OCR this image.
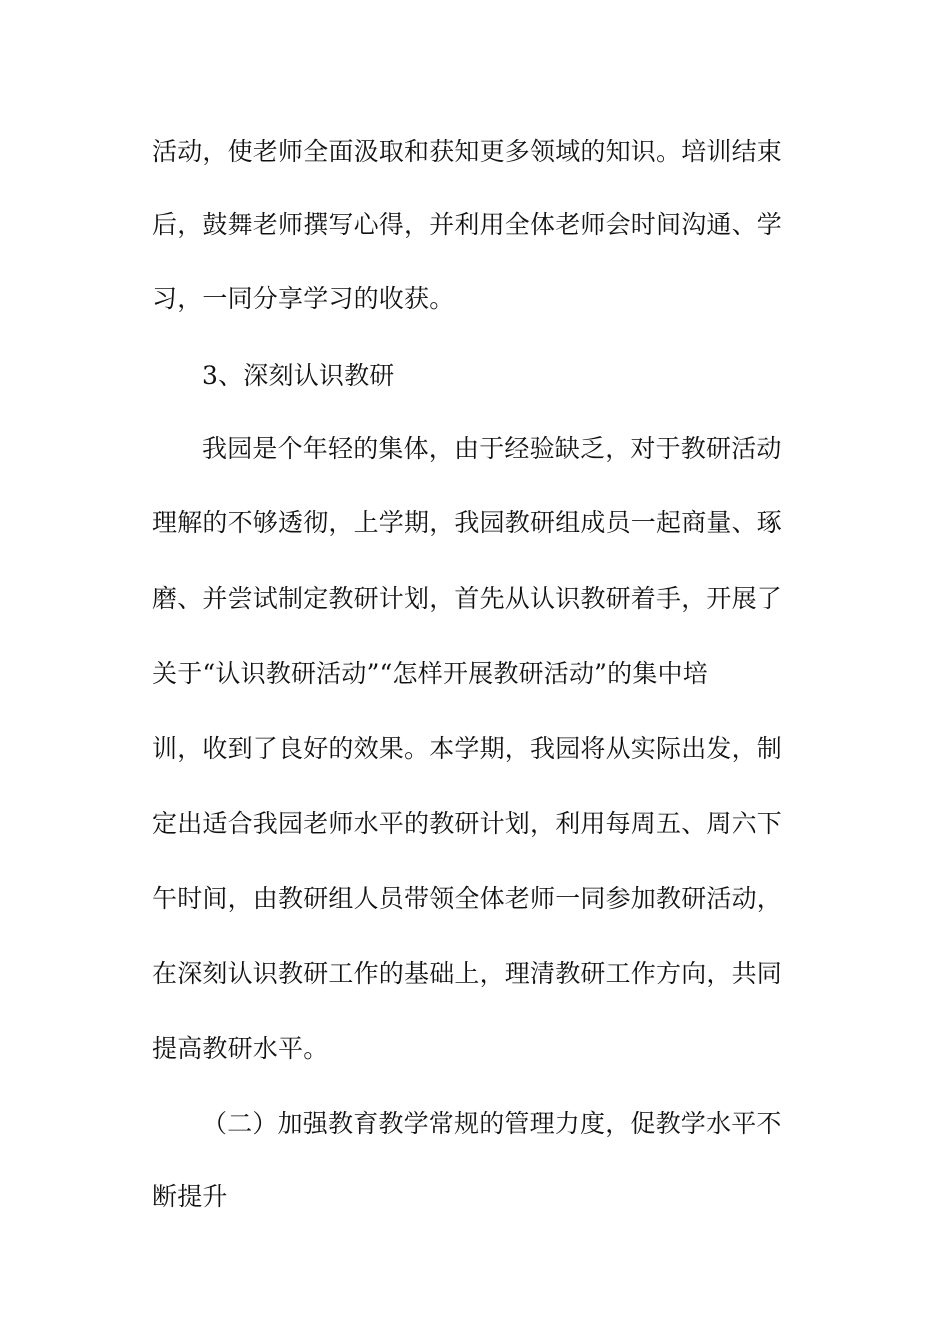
活动，使老师全面汲取和获知更多领域的知识。培训结束
后，鼓舞老师撰写心得，并利用全体老师会时间沟通、学
习，一同分享学习的收获。
3、深刻认识教研
我园是个年轻的集体，由于经验缺乏，对于教研活动
理解的不够透彻，上学期，我园教研组成员一起商量、琢
磨、并尝试制定教研计划，首先从认识教研着手，开展了
关于“认识教研活动”“怎样开展教研活动”的集中培
训，收到了良好的效果。本学期，我园将从实际出发，制
定出适合我园老师水平的教研计划，利用每周五、周六下
午时间，由教研组人员带领全体老师一同参加教研活动，
在深刻认识教研工作的基础上，理清教研工作方向，共同
提高教研水平。
（二）加强教育教学常规的管理力度，促教学水平不
断提升
